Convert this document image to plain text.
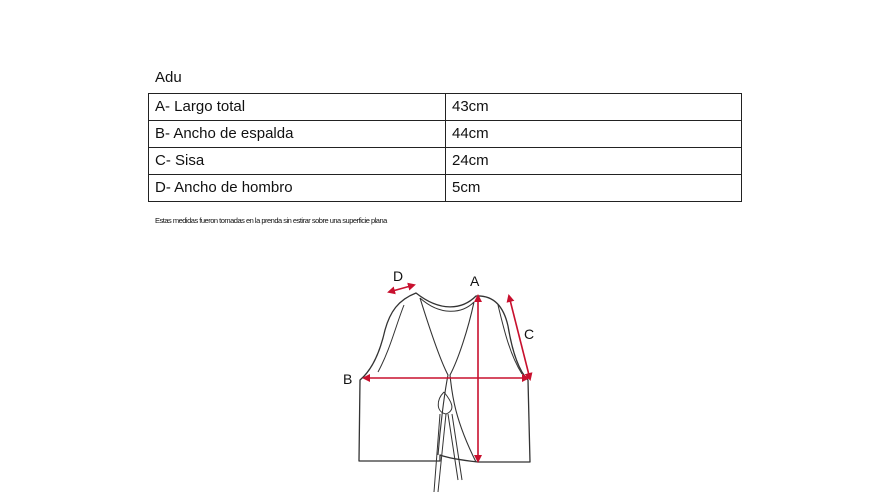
Adu
A- Largo total	43cm
B- Ancho de espalda	44cm
C- Sisa	24cm
D- Ancho de hombro	5cm
Estas medidas fueron tomadas en la prenda sin estirar sobre una superficie plana
A
B
C
D
